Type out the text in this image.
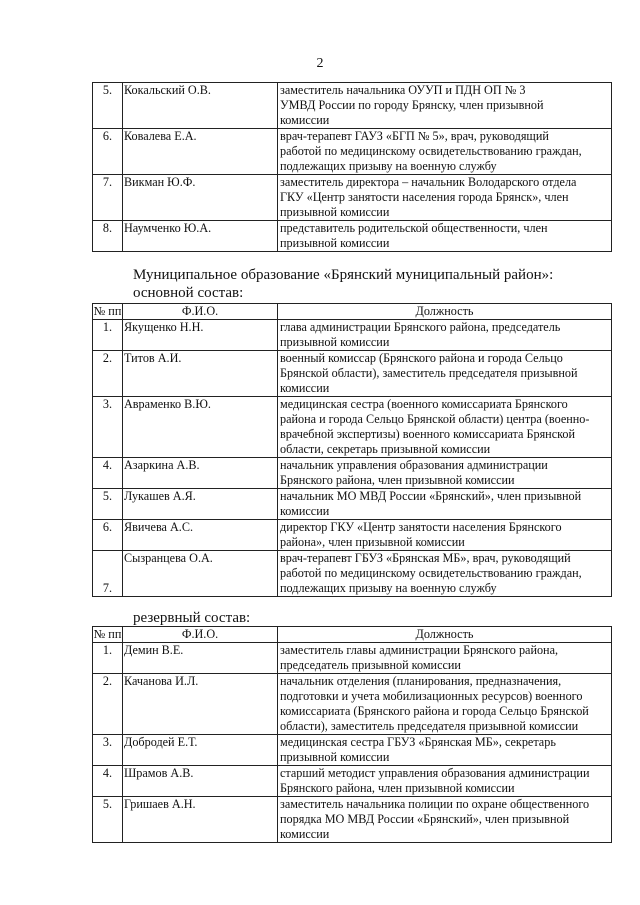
2
5.	Кокальский О.В.	заместитель начальника ОУУП и ПДН ОП № 3
УМВД России по городу Брянску, член призывной
комиссии

6.	Ковалева Е.А.	врач-терапевт ГАУЗ «БГП № 5», врач, руководящий
работой по медицинскому освидетельствованию граждан,
подлежащих призыву на военную службу

7.	Викман Ю.Ф.	заместитель директора – начальник Володарского отдела
ГКУ «Центр занятости населения города Брянск», член
призывной комиссии

8.	Наумченко Ю.А.	представитель родительской общественности, член
призывной комиссии
Муниципальное образование «Брянский муниципальный район»:
основной состав:
№ пп	Ф.И.О.	Должность
1.	Якущенко Н.Н.	глава администрации Брянского района, председатель
призывной комиссии

2.	Титов А.И.	военный комиссар (Брянского района и города Сельцо
Брянской области), заместитель председателя призывной
комиссии

3.	Авраменко В.Ю.	медицинская сестра (военного комиссариата Брянского
района и города Сельцо Брянской области) центра (военно-
врачебной экспертизы) военного комиссариата Брянской
области, секретарь призывной комиссии

4.	Азаркина А.В.	начальник управления образования администрации
Брянского района, член призывной комиссии

5.	Лукашев А.Я.	начальник МО МВД России «Брянский», член призывной
комиссии

6.	Явичева А.С.	директор ГКУ «Центр занятости населения Брянского
района», член призывной комиссии

7.	Сызранцева О.А.	врач-терапевт ГБУЗ «Брянская МБ», врач, руководящий
работой по медицинскому освидетельствованию граждан,
подлежащих призыву на военную службу
резервный состав:
№ пп	Ф.И.О.	Должность
1.	Демин В.Е.	заместитель главы администрации Брянского района,
председатель призывной комиссии

2.	Качанова И.Л.	начальник отделения (планирования, предназначения,
подготовки и учета мобилизационных ресурсов) военного
комиссариата (Брянского района и города Сельцо Брянской
области), заместитель председателя призывной комиссии

3.	Добродей Е.Т.	медицинская сестра ГБУЗ «Брянская МБ», секретарь
призывной комиссии

4.	Шрамов А.В.	старший методист управления образования администрации
Брянского района, член призывной комиссии

5.	Гришаев А.Н.	заместитель начальника полиции по охране общественного
порядка МО МВД России «Брянский», член призывной
комиссии
